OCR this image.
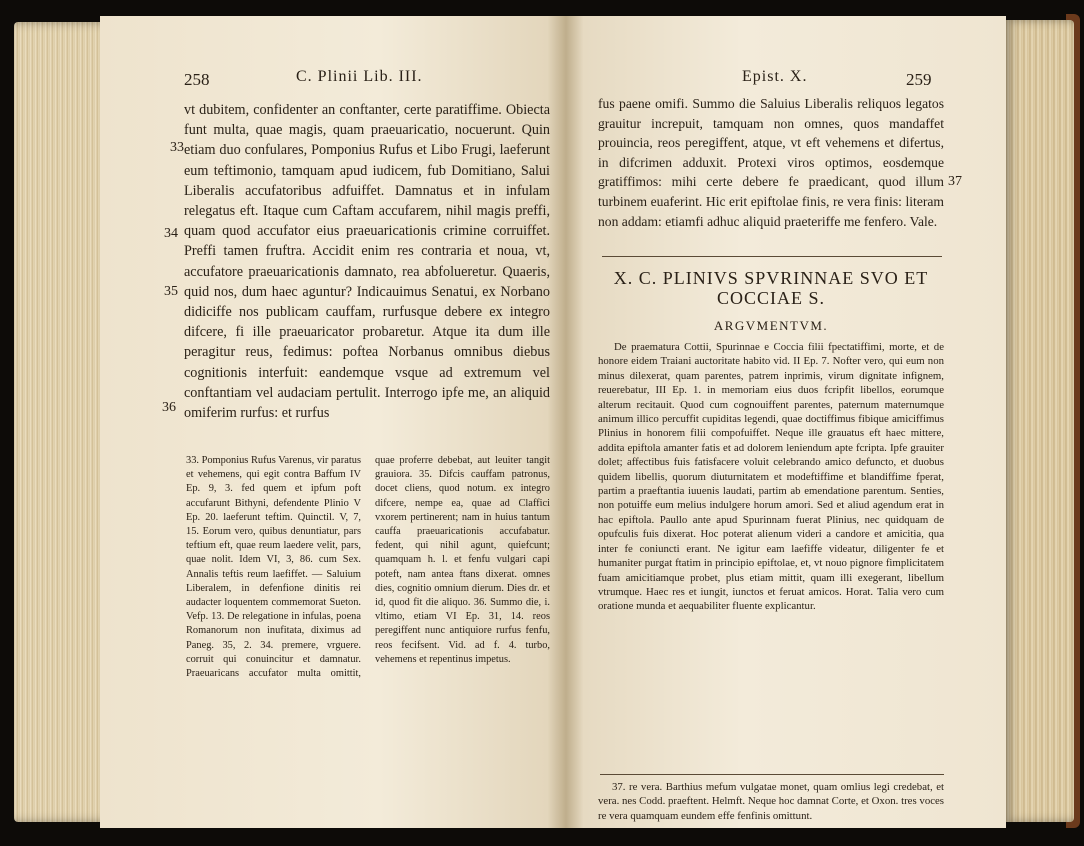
258	C. Plinii Lib. III.

vt dubitem, confidenter an conftanter, certe paratiffime. Obiecta funt multa, quae magis, quam praeuaricatio, nocuerunt. Quin etiam duo confulares, Pomponius Rufus et Libo Frugi, laeferunt eum teftimonio, tamquam apud iudicem, fub Domitiano, Salui Liberalis accufatoribus adfuiffet. Damnatus et in infulam relegatus eft. Itaque cum Caftam accufarem, nihil magis preffi, quam quod accufator eius praeuaricationis crimine corruiffet. Preffi tamen fruftra. Accidit enim res contraria et noua, vt, accufatore praeuaricationis damnato, rea abfolueretur. Quaeris, quid nos, dum haec aguntur? Indicauimus Senatui, ex Norbano didiciffe nos publicam cauffam, rurfusque debere ex integro difcere, fi ille praeuaricator probaretur. Atque ita dum ille peragitur reus, fedimus: poftea Norbanus omnibus diebus cognitionis interfuit: eandemque vsque ad extremum vel conftantiam vel audaciam pertulit. Interrogo ipfe me, an aliquid omiferim rurfus: et rurfus

33
34
35
36

33. Pomponius Rufus Varenus, vir paratus et vehemens, qui egit contra Baffum IV Ep. 9, 3. fed quem et ipfum poft accufarunt Bithyni, defendente Plinio V Ep. 20. laeferunt teftim. Quinctil. V, 7, 15. Eorum vero, quibus denuntiatur, pars teftium eft, quae reum laedere velit, pars, quae nolit. Idem VI, 3, 86. cum Sex. Annalis teftis reum laefiffet. — Saluium Liberalem, in defenfione dinitis rei audacter loquentem commemorat Sueton. Vefp. 13. De relegatione in infulas, poena Romanorum non inufitata, diximus ad Paneg. 35, 2. 34. premere, vrguere. corruit qui conuincitur et damnatur. Praeuaricans accufator multa omittit, quae proferre debebat, aut leuiter tangit grauiora. 35. Difcis cauffam patronus, docet cliens, quod notum. ex integro difcere, nempe ea, quae ad Claffici vxorem pertinerent; nam in huius tantum cauffa praeuaricationis accufabatur. fedent, qui nihil agunt, quiefcunt; quamquam h. l. et fenfu vulgari capi poteft, nam antea ftans dixerat. omnes dies, cognitio omnium dierum. Dies dr. et id, quod fit die aliquo. 36. Summo die, i. vltimo, etiam VI Ep. 31, 14. reos peregiffent nunc antiquiore rurfus fenfu, reos fecifsent. Vid. ad f. 4. turbo, vehemens et repentinus impetus.

Epist. X.	259

fus paene omifi. Summo die Saluius Liberalis reliquos legatos grauitur increpuit, tamquam non omnes, quos mandaffet prouincia, reos peregiffent, atque, vt eft vehemens et difertus, in difcrimen adduxit. Protexi viros optimos, eosdemque gratiffimos: mihi certe debere fe praedicant, quod illum turbinem euaferint. Hic erit epiftolae finis, re vera finis: literam non addam: etiamfi adhuc aliquid praeteriffe me fenfero. Vale.

37
X. C. PLINIVS SPVRINNAE SVO ET COCCIAE S.
ARGVMENTVM.

De praematura Cottii, Spurinnae e Coccia filii fpectatiffimi, morte, et de honore eidem Traiani auctoritate habito vid. II Ep. 7. Nofter vero, qui eum non minus dilexerat, quam parentes, patrem inprimis, virum dignitate infignem, reuerebatur, III Ep. 1. in memoriam eius duos fcripfit libellos, eorumque alterum recitauit. Quod cum cognouiffent parentes, paternum maternumque animum illico percuffit cupiditas legendi, quae doctiffimus fibique amiciffimus Plinius in honorem filii compofuiffet. Neque ille grauatus eft haec mittere, addita epiftola amanter fatis et ad dolorem leniendum apte fcripta. Ipfe grauiter dolet; affectibus fuis fatisfacere voluit celebrando amico defuncto, et duobus quidem libellis, quorum diuturnitatem et modeftiffime et blandiffime fperat, partim a praeftantia iuuenis laudati, partim ab emendatione parentum. Senties, non potuiffe eum melius indulgere horum amori. Sed et aliud agendum erat in hac epiftola. Paullo ante apud Spurinnam fuerat Plinius, nec quidquam de opufculis fuis dixerat. Hoc poterat alienum videri a candore et amicitia, qua inter fe coniuncti erant. Ne igitur eam laefiffe videatur, diligenter fe et humaniter purgat ftatim in principio epiftolae, et, vt nouo pignore fimplicitatem fuam amicitiamque probet, plus etiam mittit, quam illi exegerant, libellum vtrumque. Haec res et iungit, iunctos et feruat amicos. Horat. Talia vero cum oratione munda et aequabiliter fluente explicantur.

37. re vera. Barthius mefum vulgatae monet, quam omlius legi credebat, et vera. nes Codd. praeftent. Helmft. Neque hoc damnat Corte, et Oxon. tres voces re vera quamquam eundem effe fenfinis omittunt.
